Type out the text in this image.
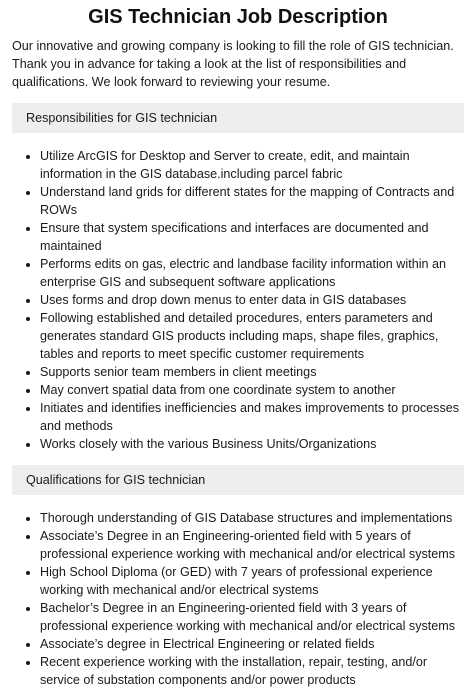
GIS Technician Job Description

Our innovative and growing company is looking to fill the role of GIS technician. Thank you in advance for taking a look at the list of responsibilities and qualifications. We look forward to reviewing your resume.

Responsibilities for GIS technician
• Utilize ArcGIS for Desktop and Server to create, edit, and maintain information in the GIS database.including parcel fabric
• Understand land grids for different states for the mapping of Contracts and ROWs
• Ensure that system specifications and interfaces are documented and maintained
• Performs edits on gas, electric and landbase facility information within an enterprise GIS and subsequent software applications
• Uses forms and drop down menus to enter data in GIS databases
• Following established and detailed procedures, enters parameters and generates standard GIS products including maps, shape files, graphics, tables and reports to meet specific customer requirements
• Supports senior team members in client meetings
• May convert spatial data from one coordinate system to another
• Initiates and identifies inefficiencies and makes improvements to processes and methods
• Works closely with the various Business Units/Organizations
Qualifications for GIS technician
• Thorough understanding of GIS Database structures and implementations
• Associate’s Degree in an Engineering-oriented field with 5 years of professional experience working with mechanical and/or electrical systems
• High School Diploma (or GED) with 7 years of professional experience working with mechanical and/or electrical systems
• Bachelor’s Degree in an Engineering-oriented field with 3 years of professional experience working with mechanical and/or electrical systems
• Associate’s degree in Electrical Engineering or related fields
• Recent experience working with the installation, repair, testing, and/or service of substation components and/or power products
